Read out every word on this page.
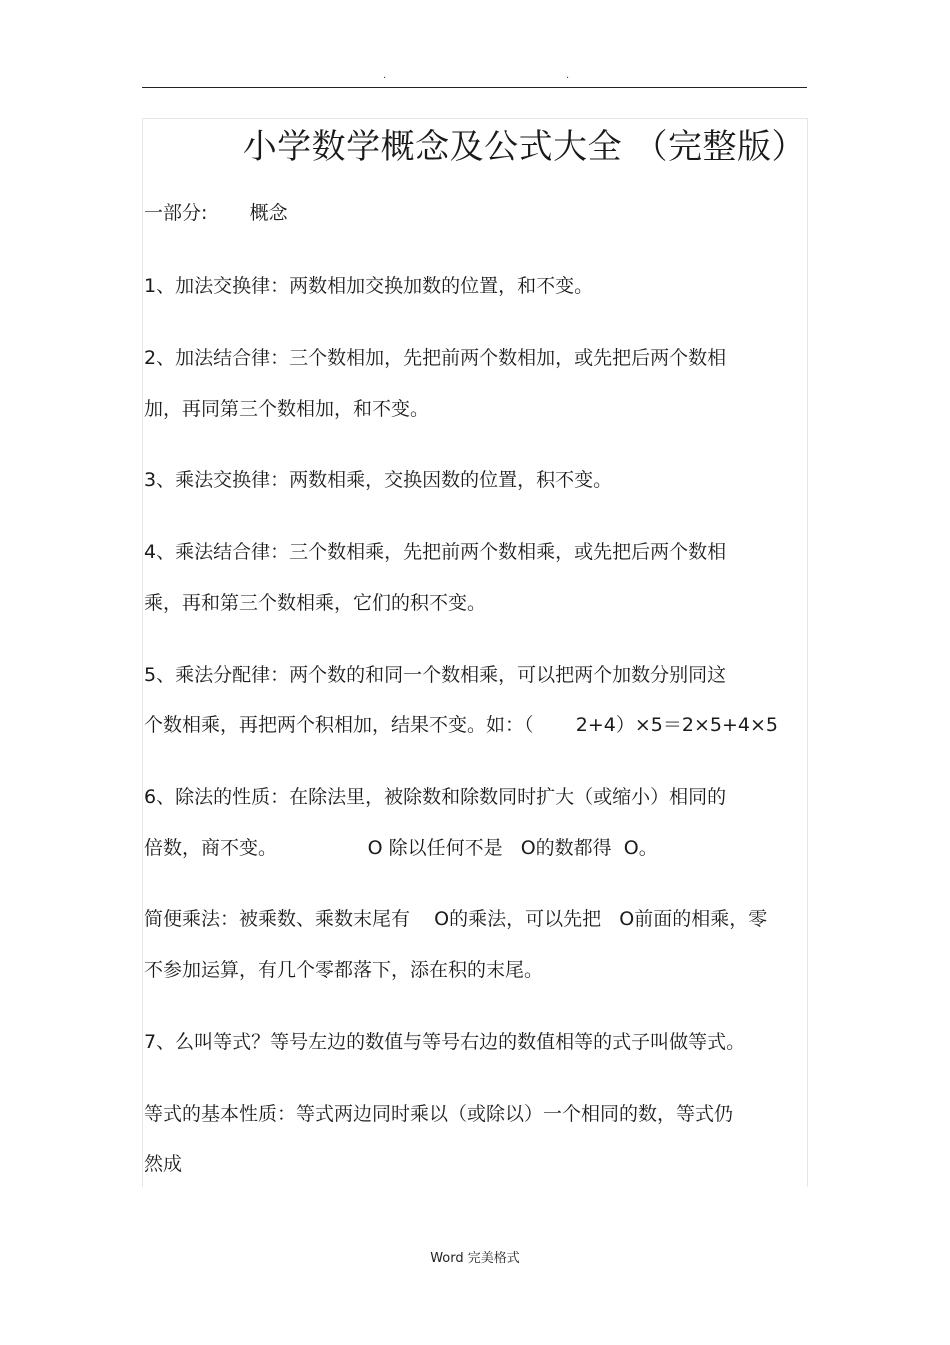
.	.
小学数学概念及公式大全 （完整版）
一部分:       概念
1、加法交换律：两数相加交换加数的位置，和不变。
2、加法结合律：三个数相加，先把前两个数相加，或先把后两个数相
加，再同第三个数相加，和不变。
3、乘法交换律：两数相乘，交换因数的位置，积不变。
4、乘法结合律：三个数相乘，先把前两个数相乘，或先把后两个数相
乘，再和第三个数相乘，它们的积不变。
5、乘法分配律：两个数的和同一个数相乘，可以把两个加数分别同这
个数相乘，再把两个积相加，结果不变。如：（       2+4）×5＝2×5+4×5
6、除法的性质：在除法里，被除数和除数同时扩大（或缩小）相同的
倍数，商不变。               O 除以任何不是   O的数都得  O。
简便乘法：被乘数、乘数末尾有    O的乘法，可以先把   O前面的相乘，零
不参加运算，有几个零都落下，添在积的末尾。
7、么叫等式？等号左边的数值与等号右边的数值相等的式子叫做等式。
等式的基本性质：等式两边同时乘以（或除以）一个相同的数，等式仍
然成
Word 完美格式
